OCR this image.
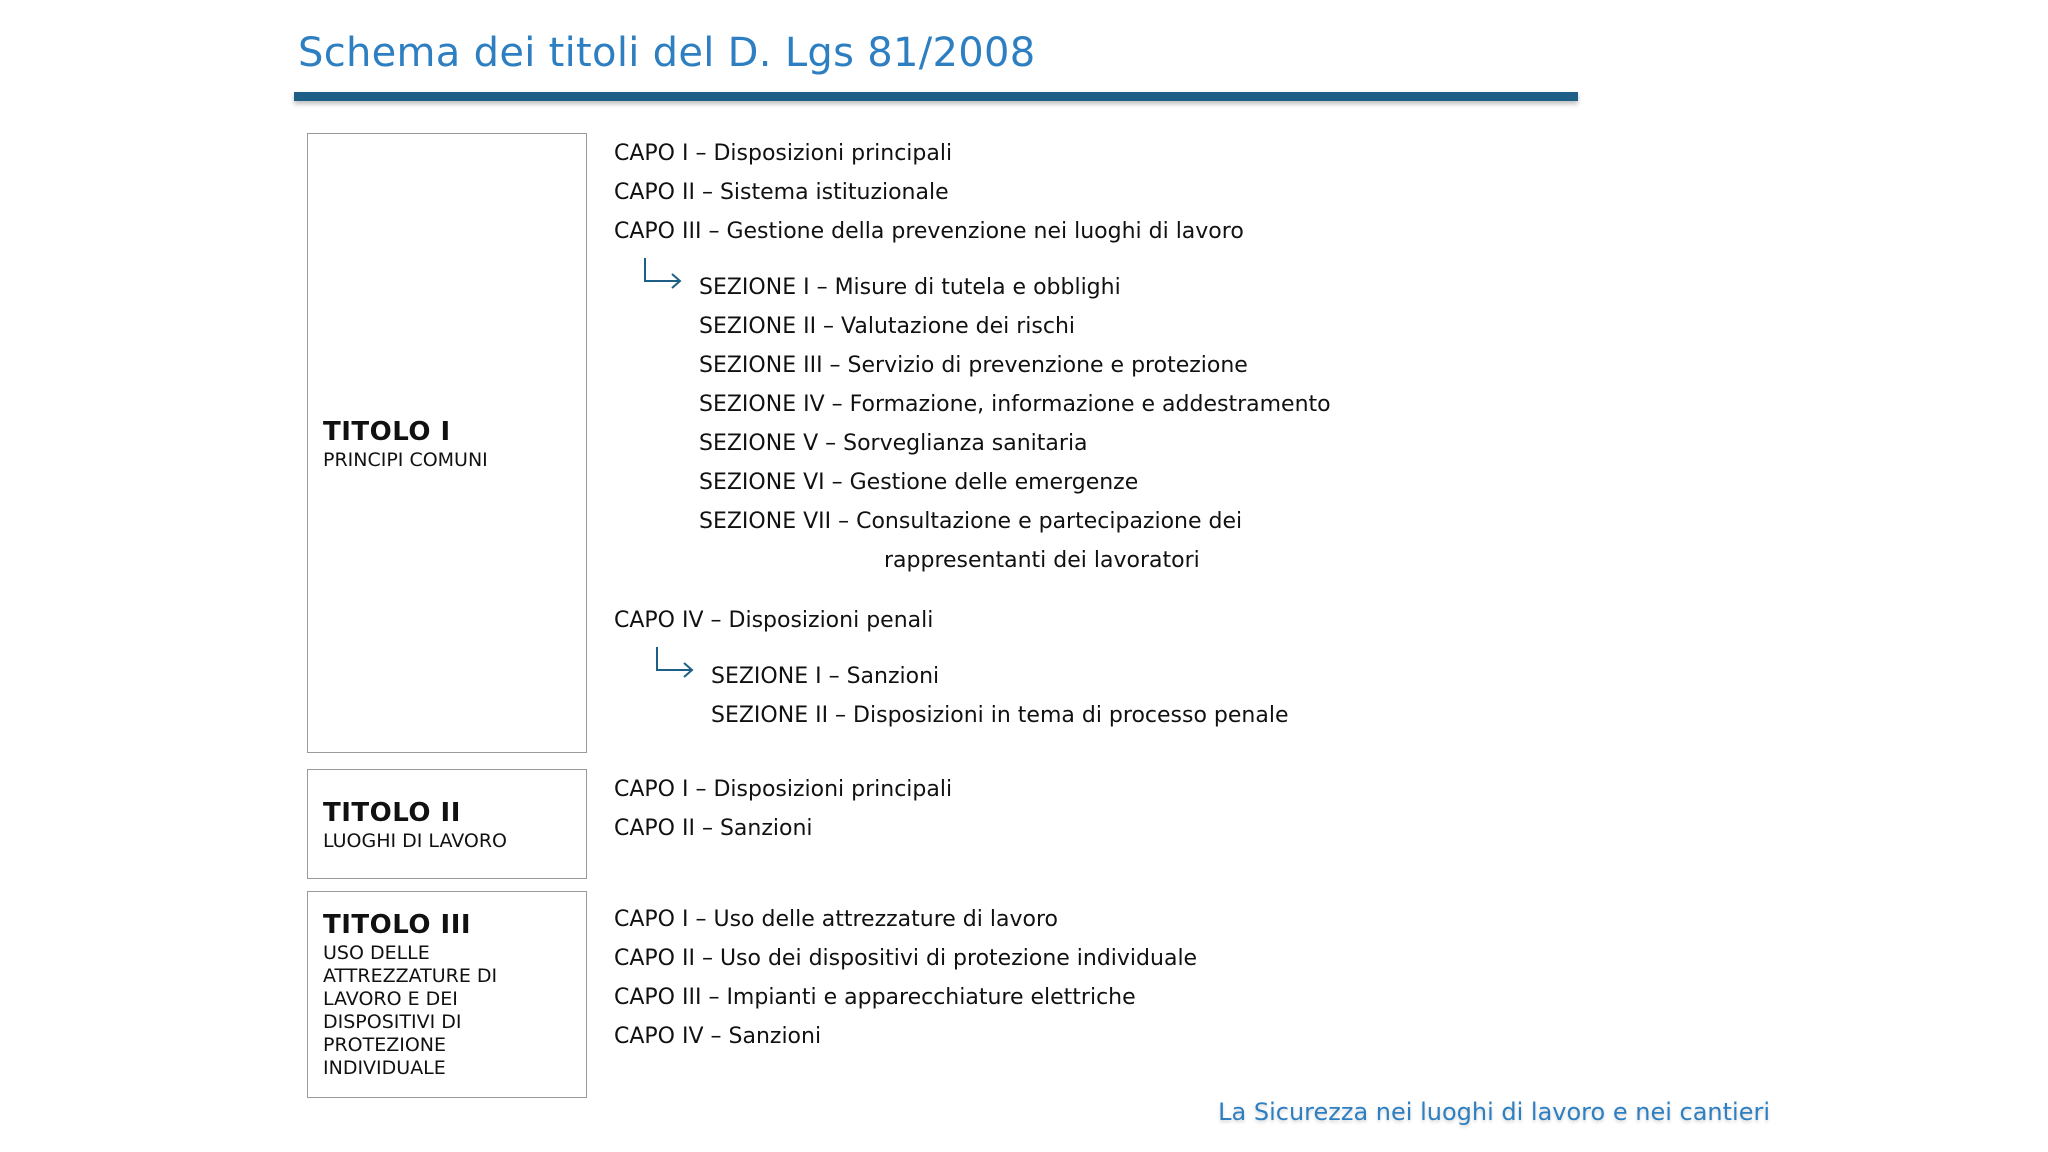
Schema dei titoli del D. Lgs 81/2008
TITOLO I
PRINCIPI COMUNI
CAPO I – Disposizioni principali
CAPO II – Sistema istituzionale
CAPO III – Gestione della prevenzione nei luoghi di lavoro
SEZIONE I – Misure di tutela e obblighi
SEZIONE II – Valutazione dei rischi
SEZIONE III – Servizio di prevenzione e protezione
SEZIONE IV – Formazione, informazione e addestramento
SEZIONE V – Sorveglianza sanitaria
SEZIONE VI – Gestione delle emergenze
SEZIONE VII – Consultazione e partecipazione dei
rappresentanti dei lavoratori
CAPO IV – Disposizioni penali
SEZIONE I – Sanzioni
SEZIONE II – Disposizioni in tema di processo penale
TITOLO II
LUOGHI DI LAVORO
CAPO I – Disposizioni principali
CAPO II – Sanzioni
TITOLO III
USO DELLE ATTREZZATURE DI LAVORO E DEI DISPOSITIVI DI PROTEZIONE INDIVIDUALE
CAPO I – Uso delle attrezzature di lavoro
CAPO II – Uso dei dispositivi di protezione individuale
CAPO III – Impianti e apparecchiature elettriche
CAPO IV – Sanzioni
La Sicurezza nei luoghi di lavoro e nei cantieri
